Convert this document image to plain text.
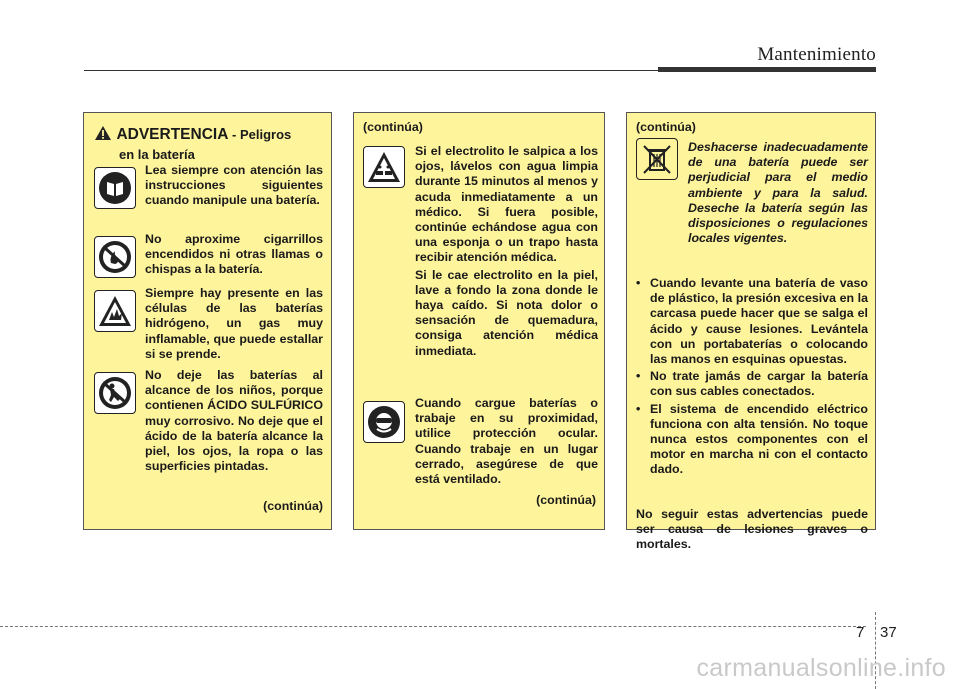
Mantenimiento
ADVERTENCIA - Peligros
en la batería
Lea siempre con atención las instrucciones siguientes cuando manipule una batería.
No aproxime cigarrillos encendidos ni otras llamas o chispas a la batería.
Siempre hay presente en las células de las baterías hidrógeno, un gas muy inflamable, que puede estallar si se prende.
No deje las baterías al alcance de los niños, porque contienen ÁCIDO SULFÚRICO muy corrosivo. No deje que el ácido de la batería alcance la piel, los ojos, la ropa o las superficies pintadas.
(continúa)
(continúa)
Si el electrolito le salpica a los ojos, lávelos con agua limpia durante 15 minutos al menos y acuda inmediatamente a un médico. Si fuera posible, continúe echándose agua con una esponja o un trapo hasta recibir atención médica.
Si le cae electrolito en la piel, lave a fondo la zona donde le haya caído. Si nota dolor o sensación de quemadura, consiga atención médica inmediata.
Cuando cargue baterías o trabaje en su proximidad, utilice protección ocular. Cuando trabaje en un lugar cerrado, asegúrese de que está ventilado.
(continúa)
(continúa)
Deshacerse inadecuadamente de una batería puede ser perjudicial para el medio ambiente y para la salud. Deseche la batería según las disposiciones o regulaciones locales vigentes.
• Cuando levante una batería de vaso de plástico, la presión excesiva en la carcasa puede hacer que se salga el ácido y cause lesiones. Levántela con un portabaterías o colocando las manos en esquinas opuestas.
• No trate jamás de cargar la batería con sus cables conectados.
• El sistema de encendido eléctrico funciona con alta tensión. No toque nunca estos componentes con el motor en marcha ni con el contacto dado.
No seguir estas advertencias puede ser causa de lesiones graves o mortales.
7 37
carmanualsonline.info
